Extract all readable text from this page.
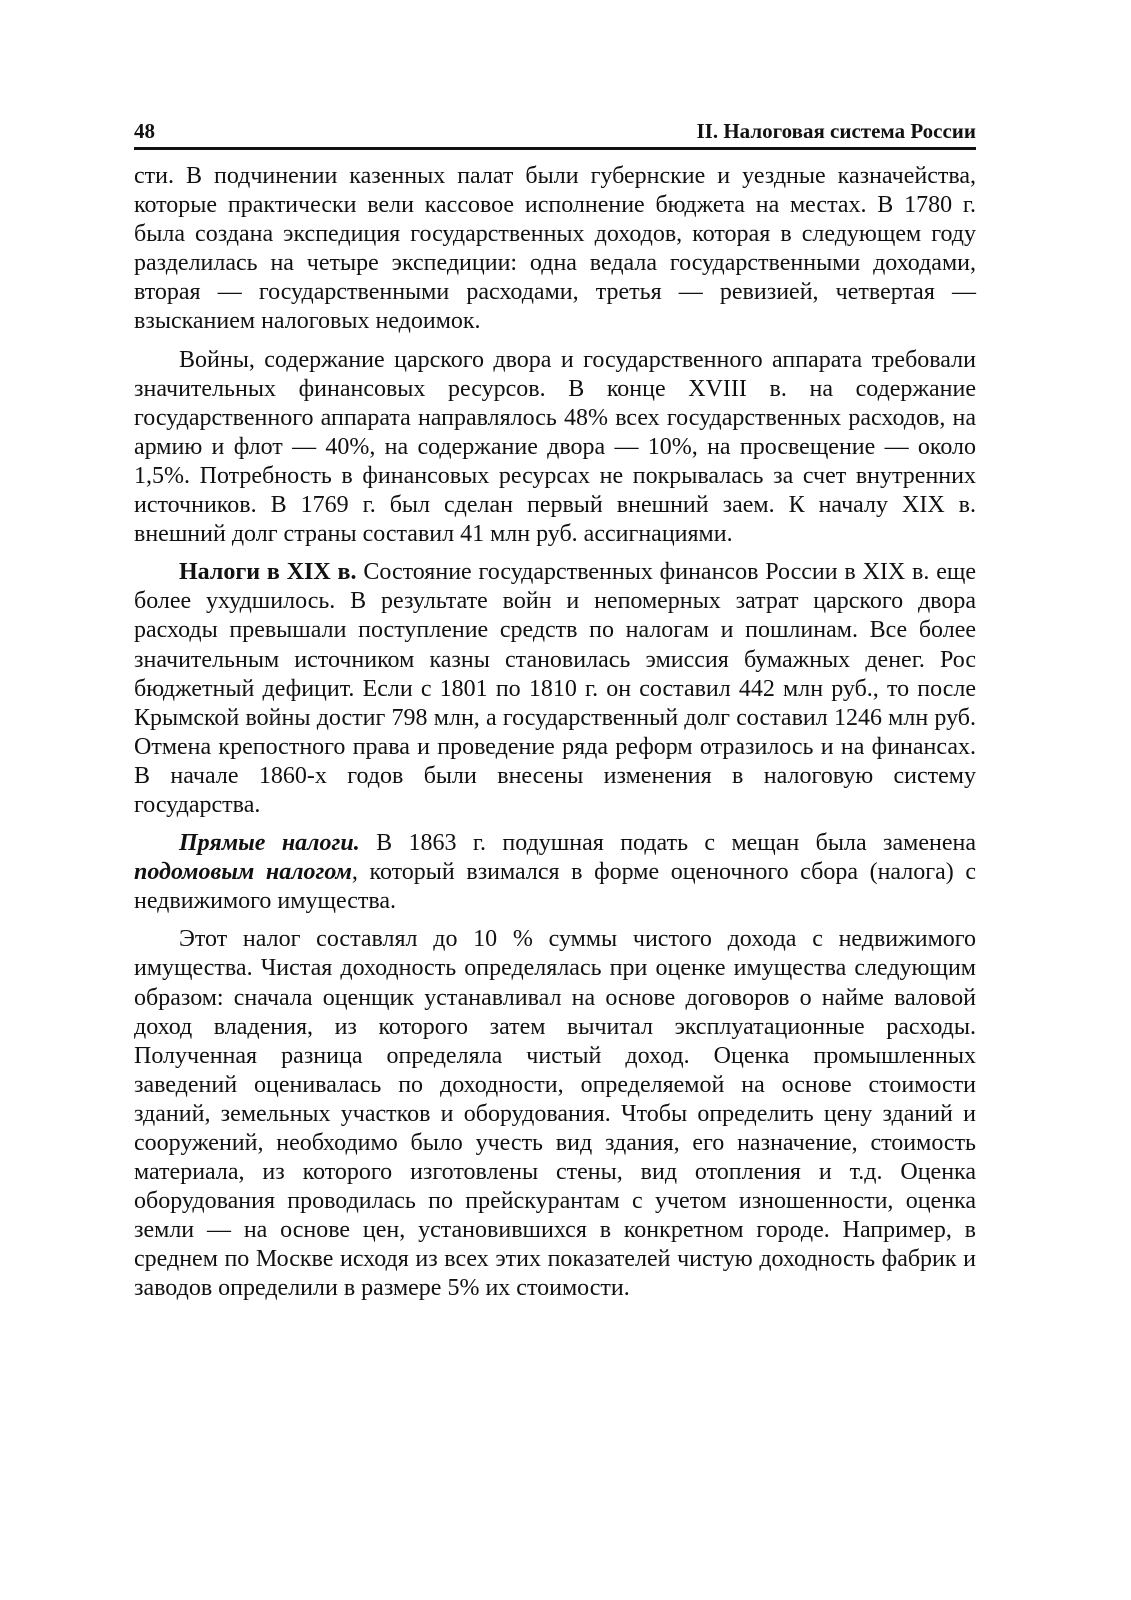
48	II. Налоговая система России

сти. В подчинении казенных палат были губернские и уездные казначейства, которые практически вели кассовое исполнение бюджета на местах. В 1780 г. была создана экспедиция государственных доходов, которая в следующем году разделилась на четыре экспедиции: одна ведала государственными доходами, вторая — государственными расходами, третья — ревизией, четвертая — взысканием налоговых недоимок.

Войны, содержание царского двора и государственного аппарата требовали значительных финансовых ресурсов. В конце XVIII в. на содержание государственного аппарата направлялось 48% всех государственных расходов, на армию и флот — 40%, на содержание двора — 10%, на просвещение — около 1,5%. Потребность в финансовых ресурсах не покрывалась за счет внутренних источников. В 1769 г. был сделан первый внешний заем. К началу XIX в. внешний долг страны составил 41 млн руб. ассигнациями.

Налоги в XIX в. Состояние государственных финансов России в XIX в. еще более ухудшилось. В результате войн и непомерных затрат царского двора расходы превышали поступление средств по налогам и пошлинам. Все более значительным источником казны становилась эмиссия бумажных денег. Рос бюджетный дефицит. Если с 1801 по 1810 г. он составил 442 млн руб., то после Крымской войны достиг 798 млн, а государственный долг составил 1246 млн руб. Отмена крепостного права и проведение ряда реформ отразилось и на финансах. В начале 1860-х годов были внесены изменения в налоговую систему государства.

Прямые налоги. В 1863 г. подушная подать с мещан была заменена подомовым налогом, который взимался в форме оценочного сбора (налога) с недвижимого имущества.

Этот налог составлял до 10 % суммы чистого дохода с недвижимого имущества. Чистая доходность определялась при оценке имущества следующим образом: сначала оценщик устанавливал на основе договоров о найме валовой доход владения, из которого затем вычитал эксплуатационные расходы. Полученная разница определяла чистый доход. Оценка промышленных заведений оценивалась по доходности, определяемой на основе стоимости зданий, земельных участков и оборудования. Чтобы определить цену зданий и сооружений, необходимо было учесть вид здания, его назначение, стоимость материала, из которого изготовлены стены, вид отопления и т.д. Оценка оборудования проводилась по прейскурантам с учетом изношенности, оценка земли — на основе цен, установившихся в конкретном городе. Например, в среднем по Москве исходя из всех этих показателей чистую доходность фабрик и заводов определили в размере 5% их стоимости.
